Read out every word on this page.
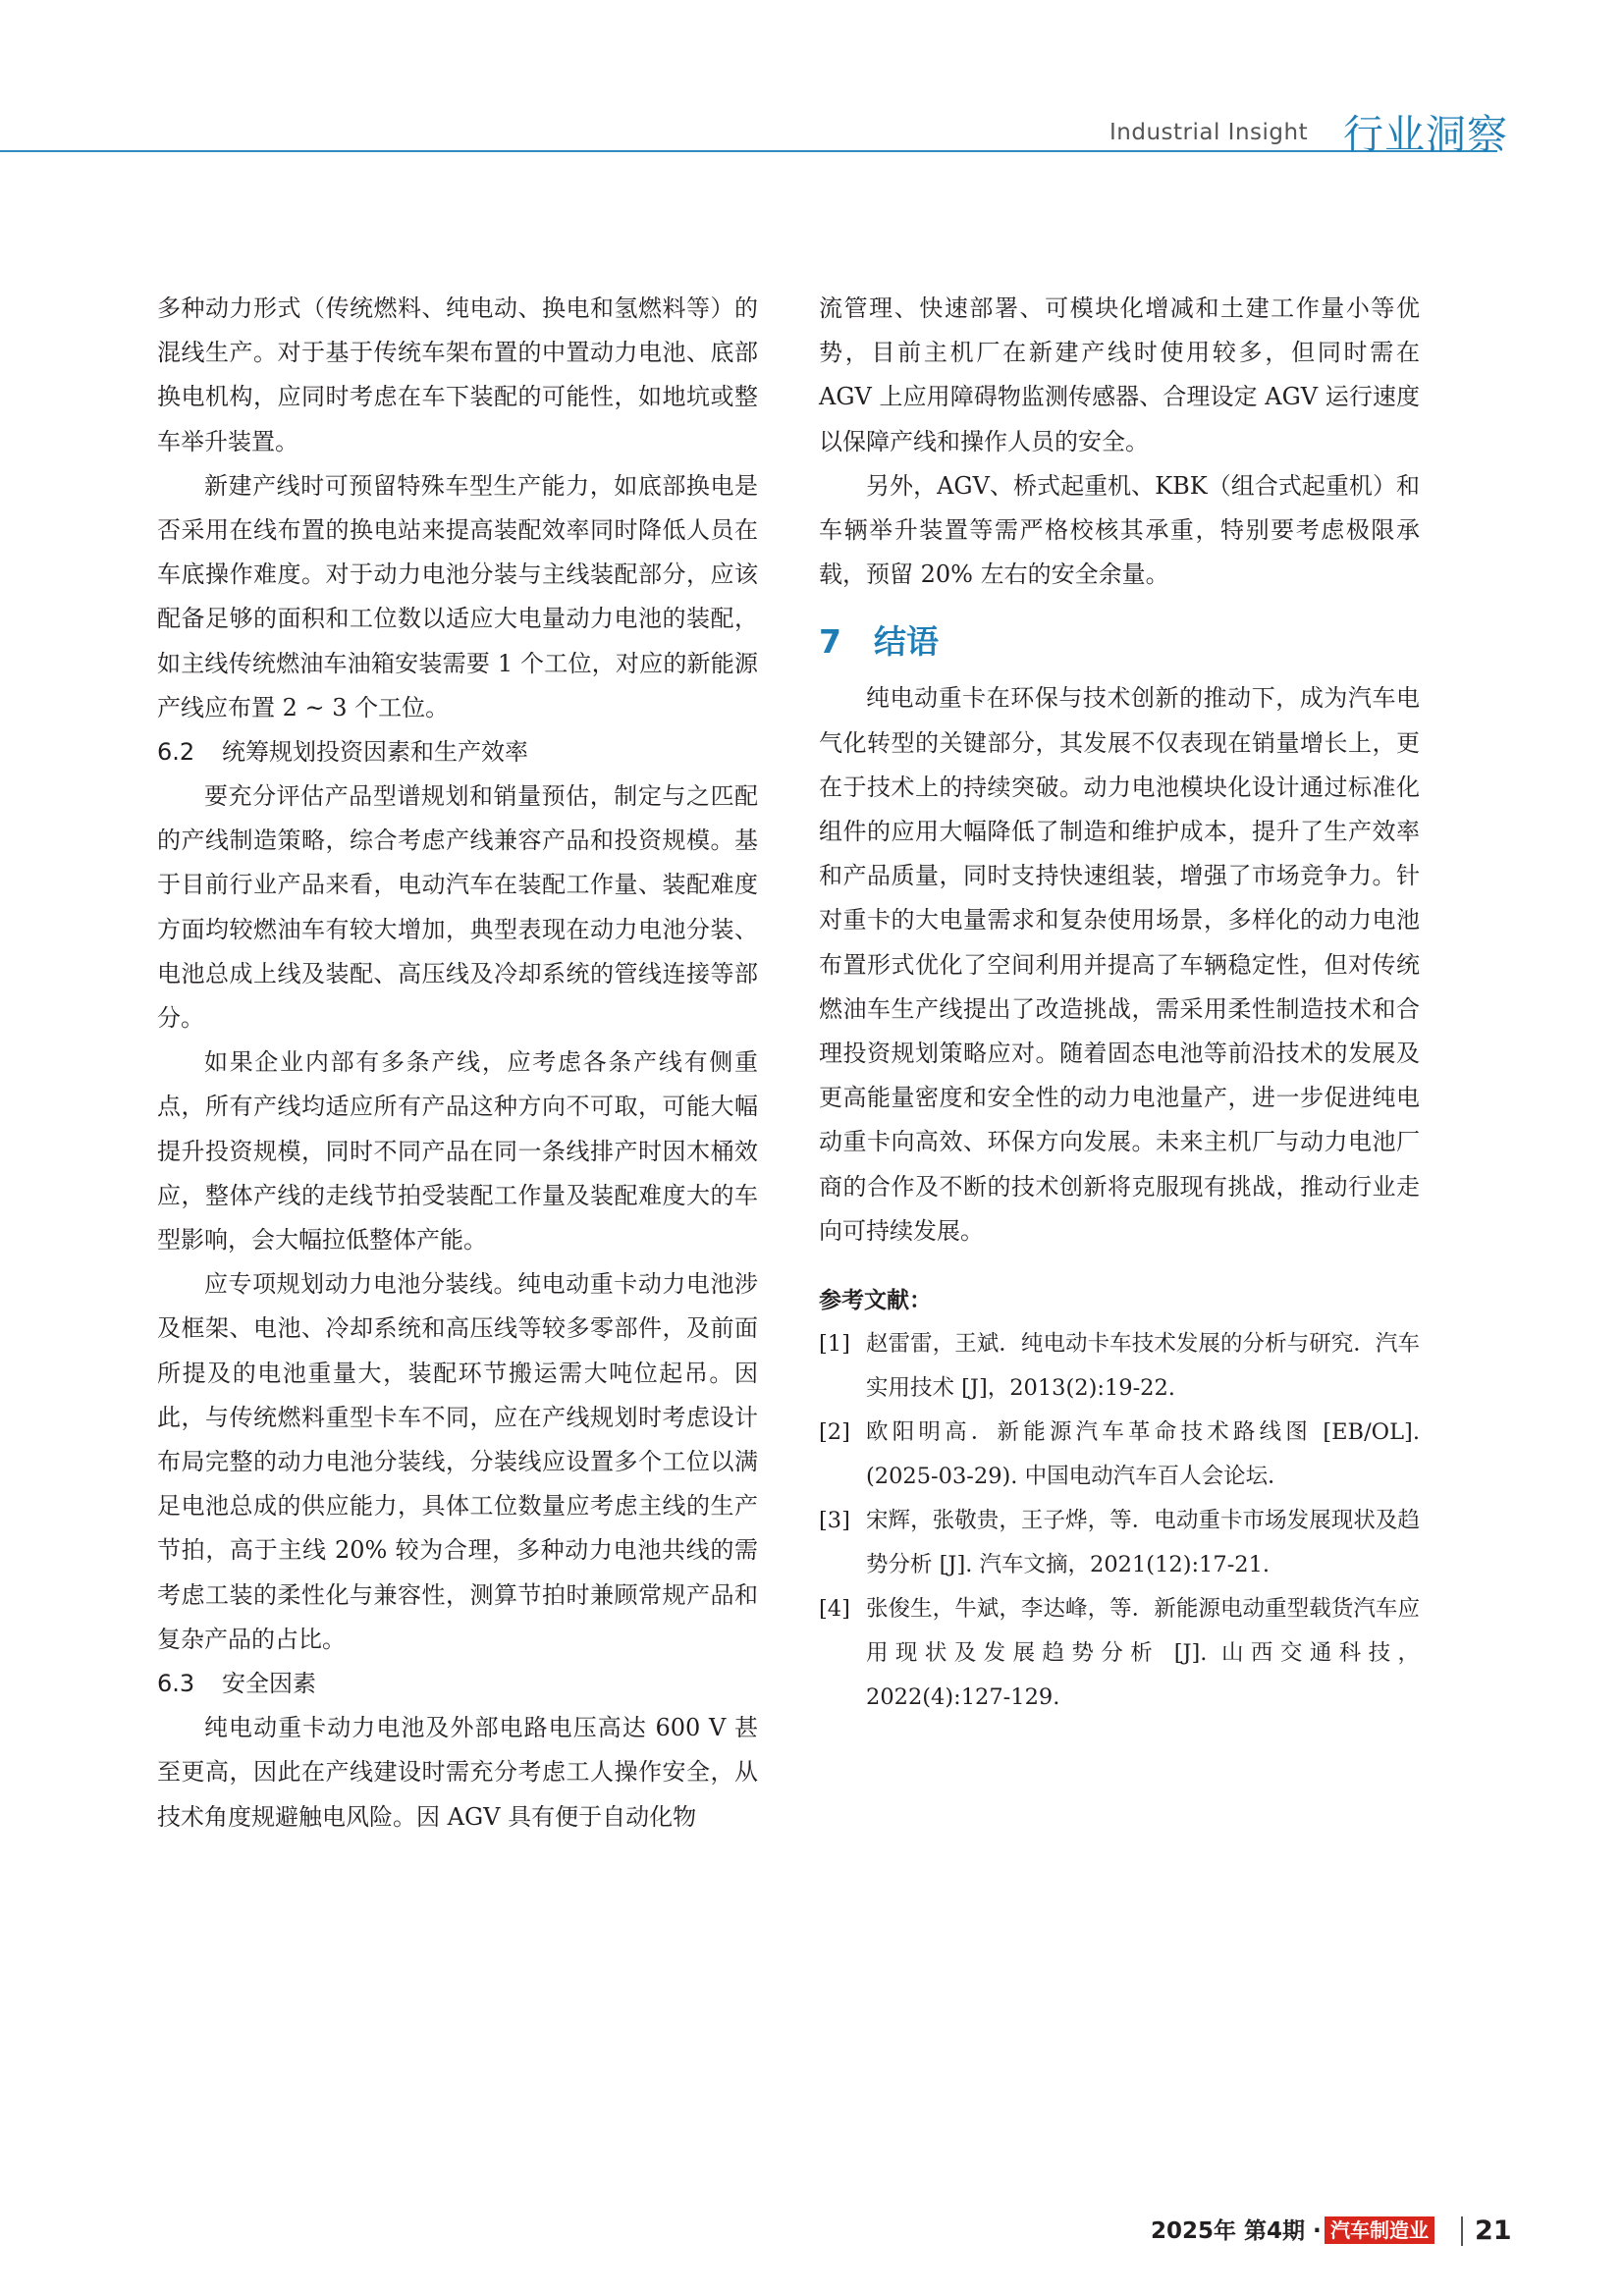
Industrial Insight 行业洞察

多种动力形式（传统燃料、纯电动、换电和氢燃料等）的混线生产。对于基于传统车架布置的中置动力电池、底部换电机构，应同时考虑在车下装配的可能性，如地坑或整车举升装置。

新建产线时可预留特殊车型生产能力，如底部换电是否采用在线布置的换电站来提高装配效率同时降低人员在车底操作难度。对于动力电池分装与主线装配部分，应该配备足够的面积和工位数以适应大电量动力电池的装配，如主线传统燃油车油箱安装需要 1 个工位，对应的新能源产线应布置 2 ~ 3 个工位。

6.2 统筹规划投资因素和生产效率

要充分评估产品型谱规划和销量预估，制定与之匹配的产线制造策略，综合考虑产线兼容产品和投资规模。基于目前行业产品来看，电动汽车在装配工作量、装配难度方面均较燃油车有较大增加，典型表现在动力电池分装、电池总成上线及装配、高压线及冷却系统的管线连接等部分。

如果企业内部有多条产线，应考虑各条产线有侧重点，所有产线均适应所有产品这种方向不可取，可能大幅提升投资规模，同时不同产品在同一条线排产时因木桶效应，整体产线的走线节拍受装配工作量及装配难度大的车型影响，会大幅拉低整体产能。

应专项规划动力电池分装线。纯电动重卡动力电池涉及框架、电池、冷却系统和高压线等较多零部件，及前面所提及的电池重量大，装配环节搬运需大吨位起吊。因此，与传统燃料重型卡车不同，应在产线规划时考虑设计布局完整的动力电池分装线，分装线应设置多个工位以满足电池总成的供应能力，具体工位数量应考虑主线的生产节拍，高于主线 20% 较为合理，多种动力电池共线的需考虑工装的柔性化与兼容性，测算节拍时兼顾常规产品和复杂产品的占比。

6.3 安全因素

纯电动重卡动力电池及外部电路电压高达 600 V 甚至更高，因此在产线建设时需充分考虑工人操作安全，从技术角度规避触电风险。因 AGV 具有便于自动化物

流管理、快速部署、可模块化增减和土建工作量小等优势，目前主机厂在新建产线时使用较多，但同时需在 AGV 上应用障碍物监测传感器、合理设定 AGV 运行速度以保障产线和操作人员的安全。

另外，AGV、桥式起重机、KBK（组合式起重机）和车辆举升装置等需严格校核其承重，特别要考虑极限承载，预留 20% 左右的安全余量。

7 结语

纯电动重卡在环保与技术创新的推动下，成为汽车电气化转型的关键部分，其发展不仅表现在销量增长上，更在于技术上的持续突破。动力电池模块化设计通过标准化组件的应用大幅降低了制造和维护成本，提升了生产效率和产品质量，同时支持快速组装，增强了市场竞争力。针对重卡的大电量需求和复杂使用场景，多样化的动力电池布置形式优化了空间利用并提高了车辆稳定性，但对传统燃油车生产线提出了改造挑战，需采用柔性制造技术和合理投资规划策略应对。随着固态电池等前沿技术的发展及更高能量密度和安全性的动力电池量产，进一步促进纯电动重卡向高效、环保方向发展。未来主机厂与动力电池厂商的合作及不断的技术创新将克服现有挑战，推动行业走向可持续发展。

参考文献：
[1] 赵雷雷，王斌．纯电动卡车技术发展的分析与研究．汽车实用技术 [J]，2013(2):19-22.
[2] 欧阳明高．新能源汽车革命技术路线图 [EB/OL]. (2025-03-29). 中国电动汽车百人会论坛．
[3] 宋辉，张敬贵，王子烨，等．电动重卡市场发展现状及趋势分析 [J]. 汽车文摘，2021(12):17-21.
[4] 张俊生，牛斌，李达峰，等．新能源电动重型载货汽车应用现状及发展趋势分析 [J]. 山西交通科技，2022(4):127-129.
2025年 第4期 · 汽车制造业 21
